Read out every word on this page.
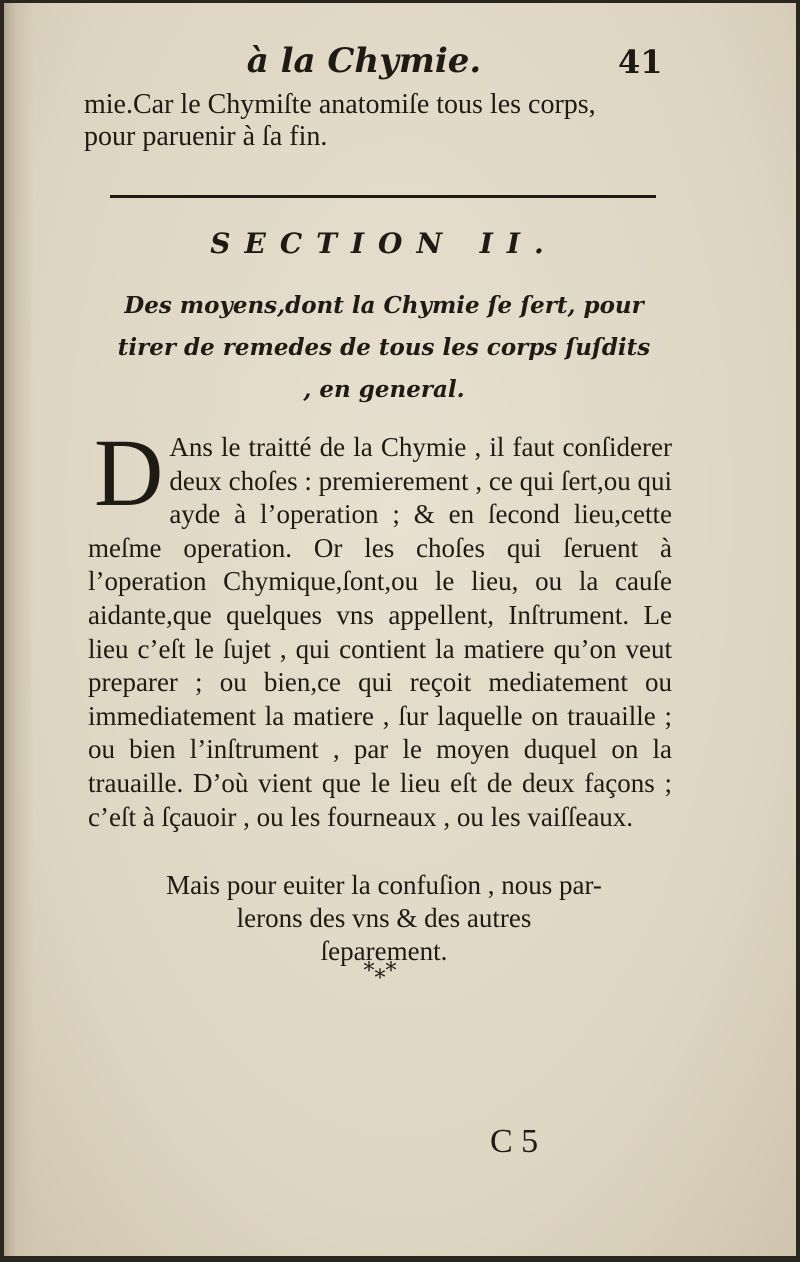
à la Chymie.	41
mie.Car le Chymiſte anatomiſe tous les corps,
pour paruenir à ſa fin.
SECTION II.
Des moyens,dont la Chymie ſe ſert, pour tirer de remedes de tous les corps ſuſdits , en general.
D Ans le traitté de la Chymie , il faut conſiderer deux choſes : premierement , ce qui ſert,ou qui ayde à l’operation ; & en ſecond lieu,cette meſme operation. Or les choſes qui ſeruent à l’operation Chymique,ſont,ou le lieu, ou la cauſe aidante,que quelques vns appellent, Inſtrument. Le lieu c’eſt le ſujet , qui contient la matiere qu’on veut preparer ; ou bien,ce qui reçoit mediatement ou immediatement la matiere , ſur laquelle on trauaille ; ou bien l’inſtrument , par le moyen duquel on la trauaille. D’où vient que le lieu eſt de deux façons ; c’eſt à ſçauoir , ou les fourneaux , ou les vaiſſeaux.

Mais pour euiter la confuſion , nous par-
lerons des vns & des autres
ſeparement.
*⁎*
C 5
